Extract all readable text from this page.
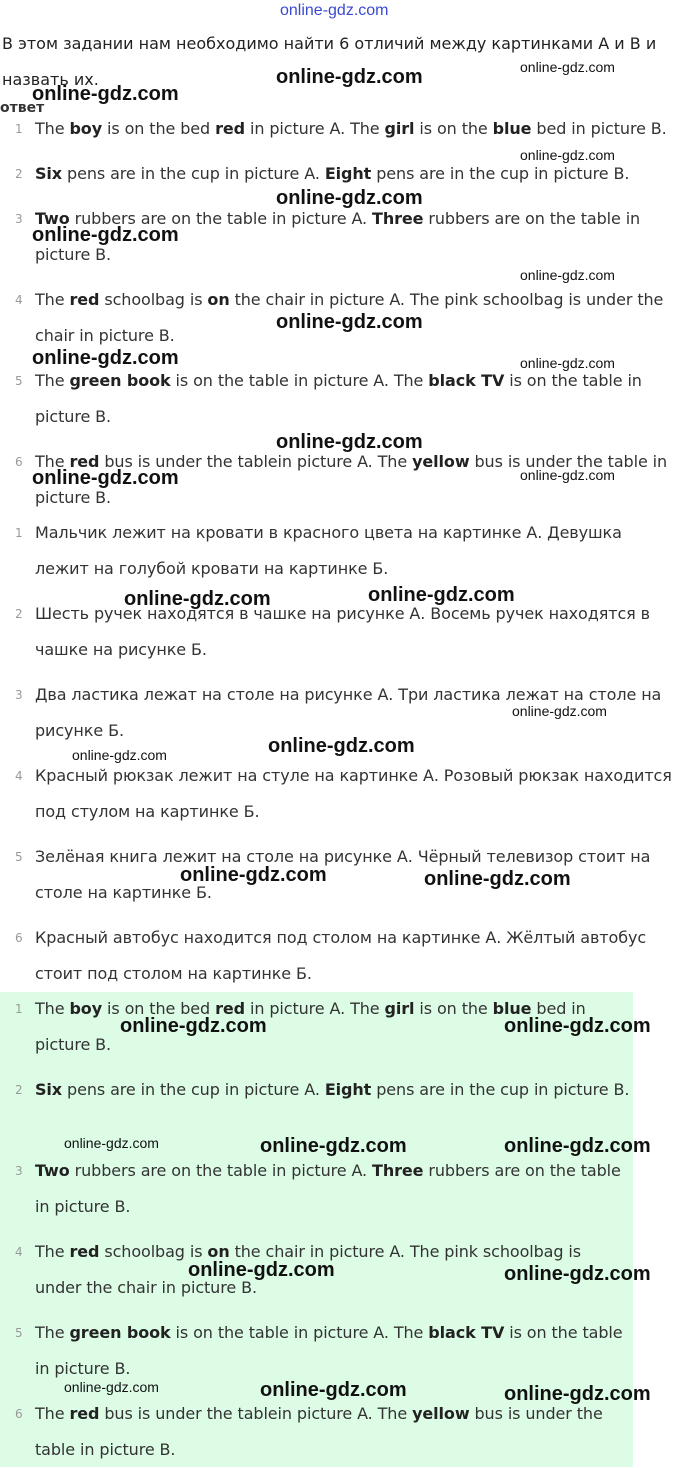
online-gdz.com

В этом задании нам необходимо найти 6 отличий между картинками А и В и назвать их.

ответ
1 The boy is on the bed red in picture A. The girl is on the blue bed in picture B.
2 Six pens are in the cup in picture A. Eight pens are in the cup in picture B.
3 Two rubbers are on the table in picture A. Three rubbers are on the table in picture B.
4 The red schoolbag is on the chair in picture A. The pink schoolbag is under the chair in picture B.
5 The green book is on the table in picture A. The black TV is on the table in picture B.
6 The red bus is under the tablein picture A. The yellow bus is under the table in picture B.
1 Мальчик лежит на кровати в красного цвета на картинке А. Девушка лежит на голубой кровати на картинке Б.
2 Шесть ручек находятся в чашке на рисунке А. Восемь ручек находятся в чашке на рисунке Б.
3 Два ластика лежат на столе на рисунке А. Три ластика лежат на столе на рисунке Б.
4 Красный рюкзак лежит на стуле на картинке А. Розовый рюкзак находится под стулом на картинке Б.
5 Зелёная книга лежит на столе на рисунке А. Чёрный телевизор стоит на столе на картинке Б.
6 Красный автобус находится под столом на картинке А. Жёлтый автобус стоит под столом на картинке Б.
1 The boy is on the bed red in picture A. The girl is on the blue bed in picture B.
2 Six pens are in the cup in picture A. Eight pens are in the cup in picture B.
3 Two rubbers are on the table in picture A. Three rubbers are on the table in picture B.
4 The red schoolbag is on the chair in picture A. The pink schoolbag is under the chair in picture B.
5 The green book is on the table in picture A. The black TV is on the table in picture B.
6 The red bus is under the tablein picture A. The yellow bus is under the table in picture B.
online-gdz.com
online-gdz.com
online-gdz.com
online-gdz.com
online-gdz.com
online-gdz.com
online-gdz.com
online-gdz.com
online-gdz.com	online-gdz.com
online-gdz.com
online-gdz.com	online-gdz.com
online-gdz.com
online-gdz.com
online-gdz.com
online-gdz.com
online-gdz.com
online-gdz.com	online-gdz.com
online-gdz.com	online-gdz.com
online-gdz.com	online-gdz.com	online-gdz.com
online-gdz.com	online-gdz.com
online-gdz.com	online-gdz.com	online-gdz.com
